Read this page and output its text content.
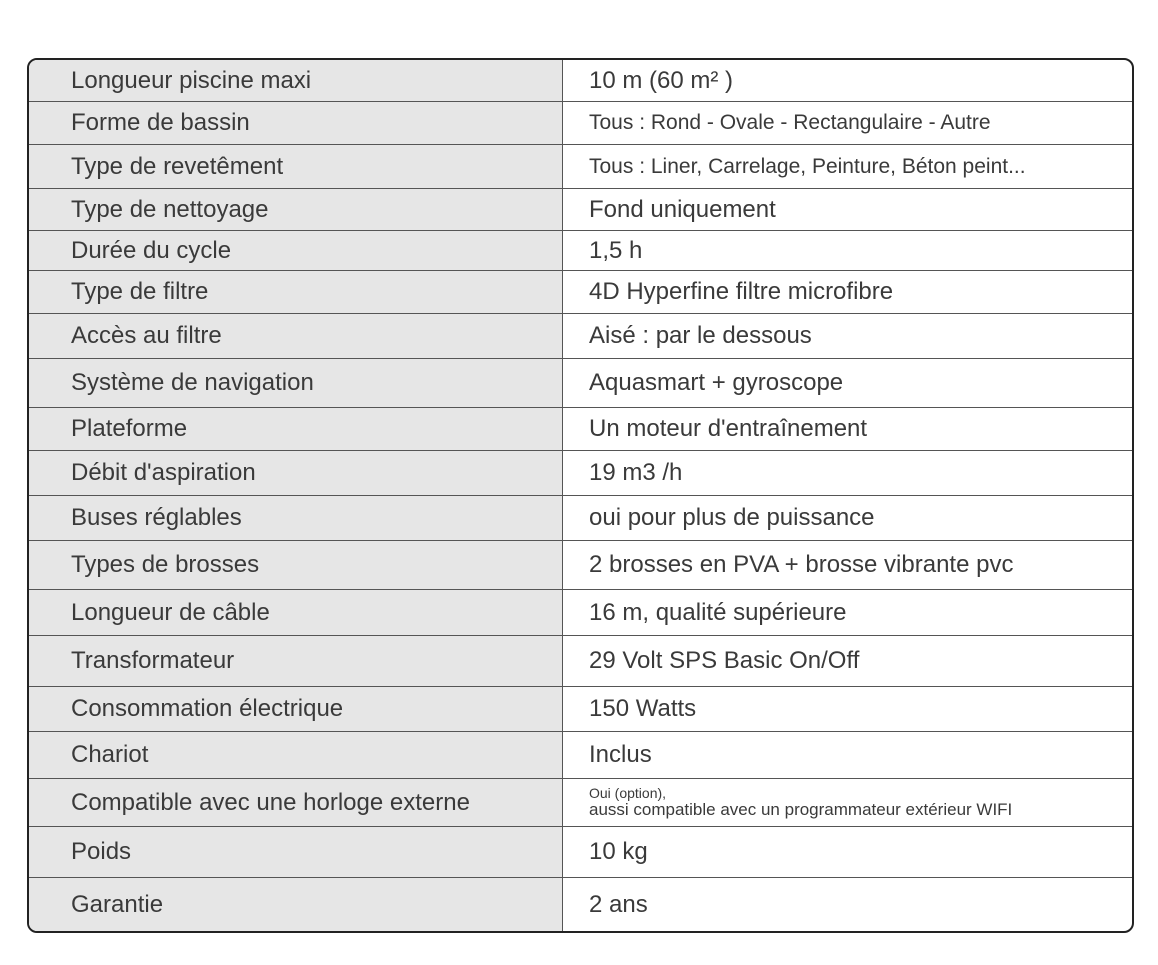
Longueur piscine maxi	10 m (60 m² )
Forme de bassin	Tous : Rond - Ovale - Rectangulaire - Autre
Type de revetêment	Tous : Liner, Carrelage, Peinture, Béton peint...
Type de nettoyage	Fond uniquement
Durée du cycle	1,5 h
Type de filtre	4D Hyperfine filtre microfibre
Accès au filtre	Aisé : par le dessous
Système de navigation	Aquasmart + gyroscope
Plateforme	Un moteur d'entraînement
Débit d'aspiration	19 m3 /h
Buses réglables	oui pour plus de puissance
Types de brosses	2 brosses en PVA + brosse vibrante pvc
Longueur de câble	16 m, qualité supérieure
Transformateur	29 Volt SPS Basic On/Off
Consommation électrique	150 Watts
Chariot	Inclus
Compatible avec une horloge externe	Oui (option),
aussi compatible avec un programmateur extérieur WIFI
Poids	10 kg
Garantie	2 ans
